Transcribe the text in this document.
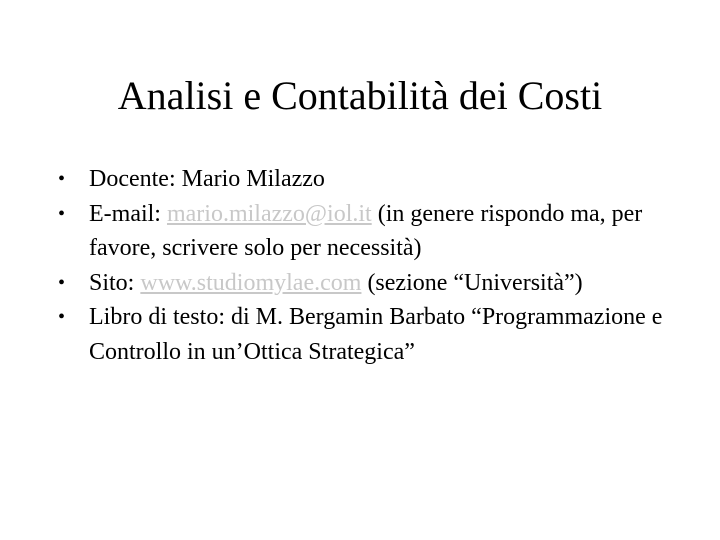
Analisi e Contabilità dei Costi
• Docente: Mario Milazzo
• E-mail: mario.milazzo@iol.it (in genere rispondo ma, per favore, scrivere solo per necessità)
• Sito: www.studiomylae.com (sezione “Università”)
• Libro di testo: di M. Bergamin Barbato “Programmazione e Controllo in un’Ottica Strategica”
